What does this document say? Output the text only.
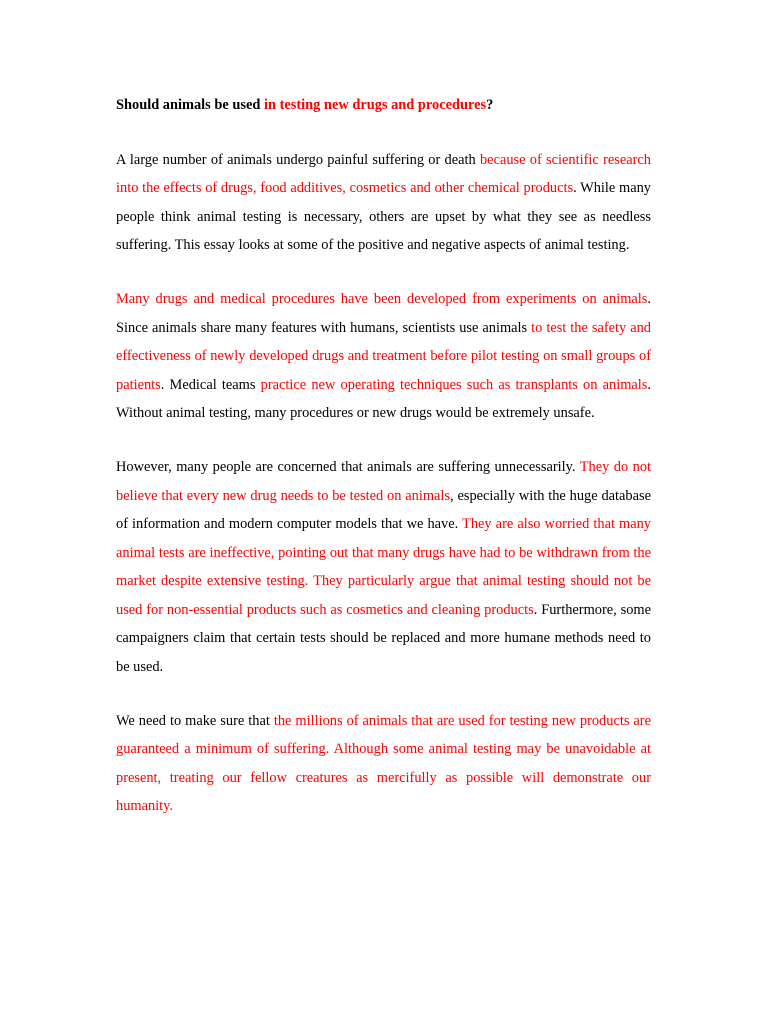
Should animals be used in testing new drugs and procedures?

A large number of animals undergo painful suffering or death because of scientific research into the effects of drugs, food additives, cosmetics and other chemical products. While many people think animal testing is necessary, others are upset by what they see as needless suffering. This essay looks at some of the positive and negative aspects of animal testing.

Many drugs and medical procedures have been developed from experiments on animals. Since animals share many features with humans, scientists use animals to test the safety and effectiveness of newly developed drugs and treatment before pilot testing on small groups of patients. Medical teams practice new operating techniques such as transplants on animals. Without animal testing, many procedures or new drugs would be extremely unsafe.

However, many people are concerned that animals are suffering unnecessarily. They do not believe that every new drug needs to be tested on animals, especially with the huge database of information and modern computer models that we have. They are also worried that many animal tests are ineffective, pointing out that many drugs have had to be withdrawn from the market despite extensive testing. They particularly argue that animal testing should not be used for non-essential products such as cosmetics and cleaning products. Furthermore, some campaigners claim that certain tests should be replaced and more humane methods need to be used.

We need to make sure that the millions of animals that are used for testing new products are guaranteed a minimum of suffering. Although some animal testing may be unavoidable at present, treating our fellow creatures as mercifully as possible will demonstrate our humanity.
